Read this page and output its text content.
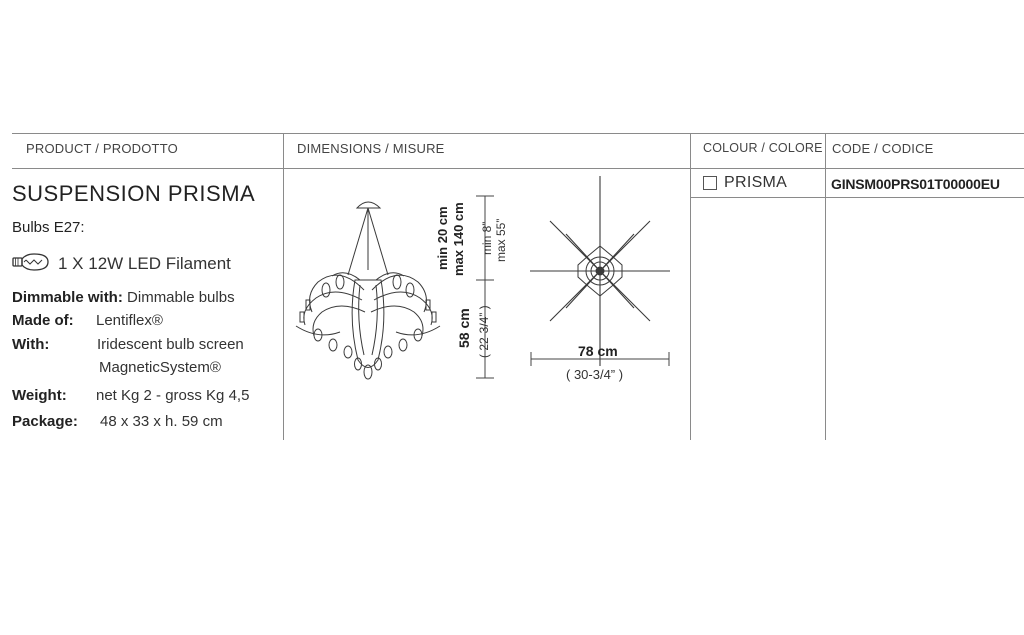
PRODUCT / PRODOTTO	DIMENSIONS / MISURE	COLOUR / COLORE CODE / CODICE
SUSPENSION PRISMA
Bulbs E27:
1 X 12W LED Filament
Dimmable with: Dimmable bulbs
Made of: Lentiflex®
With:	Iridescent bulb screen
MagneticSystem®
Weight: net Kg 2 - gross Kg 4,5
Package: 48 x 33 x h. 59 cm
min 20 cm max 140 cm min 8” max 55”
58 cm ( 22-3/4” )	78 cm
( 30-3/4” )
PRISMA	GINSM00PRS01T00000EU
